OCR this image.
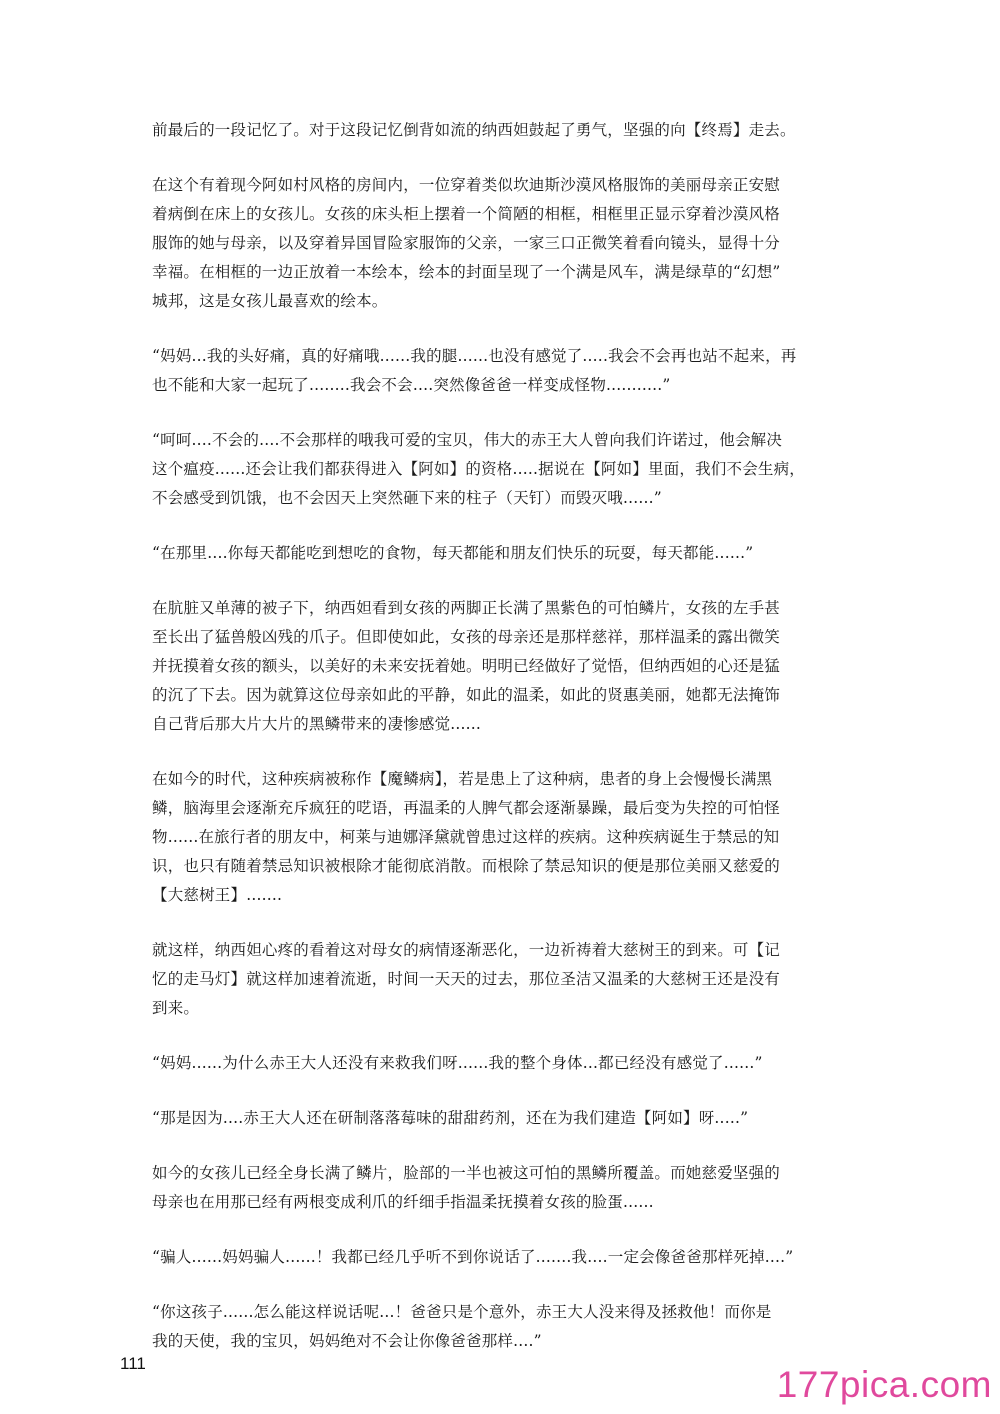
前最后的一段记忆了。对于这段记忆倒背如流的纳西妲鼓起了勇气，坚强的向【终焉】走去。

在这个有着现今阿如村风格的房间内，一位穿着类似坎迪斯沙漠风格服饰的美丽母亲正安慰
着病倒在床上的女孩儿。女孩的床头柜上摆着一个简陋的相框，相框里正显示穿着沙漠风格
服饰的她与母亲，以及穿着异国冒险家服饰的父亲，一家三口正微笑着看向镜头，显得十分
幸福。在相框的一边正放着一本绘本，绘本的封面呈现了一个满是风车，满是绿草的“幻想”
城邦，这是女孩儿最喜欢的绘本。

“妈妈...我的头好痛，真的好痛哦......我的腿......也没有感觉了.....我会不会再也站不起来，再
也不能和大家一起玩了........我会不会....突然像爸爸一样变成怪物...........”

“呵呵....不会的....不会那样的哦我可爱的宝贝，伟大的赤王大人曾向我们许诺过，他会解决
这个瘟疫......还会让我们都获得进入【阿如】的资格.....据说在【阿如】里面，我们不会生病，
不会感受到饥饿，也不会因天上突然砸下来的柱子（天钉）而毁灭哦......”

“在那里....你每天都能吃到想吃的食物，每天都能和朋友们快乐的玩耍，每天都能......”

在肮脏又单薄的被子下，纳西妲看到女孩的两脚正长满了黑紫色的可怕鳞片，女孩的左手甚
至长出了猛兽般凶残的爪子。但即使如此，女孩的母亲还是那样慈祥，那样温柔的露出微笑
并抚摸着女孩的额头，以美好的未来安抚着她。明明已经做好了觉悟，但纳西妲的心还是猛
的沉了下去。因为就算这位母亲如此的平静，如此的温柔，如此的贤惠美丽，她都无法掩饰
自己背后那大片大片的黑鳞带来的凄惨感觉......

在如今的时代，这种疾病被称作【魔鳞病】，若是患上了这种病，患者的身上会慢慢长满黑
鳞，脑海里会逐渐充斥疯狂的呓语，再温柔的人脾气都会逐渐暴躁，最后变为失控的可怕怪
物......在旅行者的朋友中，柯莱与迪娜泽黛就曾患过这样的疾病。这种疾病诞生于禁忌的知
识，也只有随着禁忌知识被根除才能彻底消散。而根除了禁忌知识的便是那位美丽又慈爱的
【大慈树王】.......

就这样，纳西妲心疼的看着这对母女的病情逐渐恶化，一边祈祷着大慈树王的到来。可【记
忆的走马灯】就这样加速着流逝，时间一天天的过去，那位圣洁又温柔的大慈树王还是没有
到来。

“妈妈......为什么赤王大人还没有来救我们呀......我的整个身体...都已经没有感觉了......”

“那是因为....赤王大人还在研制落落莓味的甜甜药剂，还在为我们建造【阿如】呀.....”

如今的女孩儿已经全身长满了鳞片，脸部的一半也被这可怕的黑鳞所覆盖。而她慈爱坚强的
母亲也在用那已经有两根变成利爪的纤细手指温柔抚摸着女孩的脸蛋......

“骗人......妈妈骗人......！我都已经几乎听不到你说话了.......我....一定会像爸爸那样死掉....”

“你这孩子......怎么能这样说话呢...！爸爸只是个意外，赤王大人没来得及拯救他！而你是
我的天使，我的宝贝，妈妈绝对不会让你像爸爸那样....”

111
177pica.com
